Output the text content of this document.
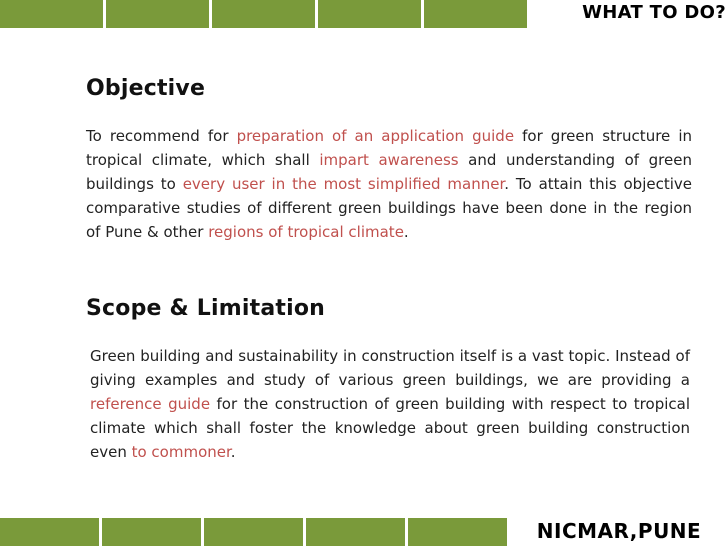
WHAT TO DO?
Objective
To recommend for preparation of an application guide for green structure in tropical climate, which shall impart awareness and understanding of green buildings to every user in the most simplified manner. To attain this objective comparative studies of different green buildings have been done in the region of Pune & other regions of tropical climate.
Scope & Limitation
Green building and sustainability in construction itself is a vast topic. Instead of giving examples and study of various green buildings, we are providing a reference guide for the construction of green building with respect to tropical climate which shall foster the knowledge about green building construction even to commoner.
NICMAR,PUNE
